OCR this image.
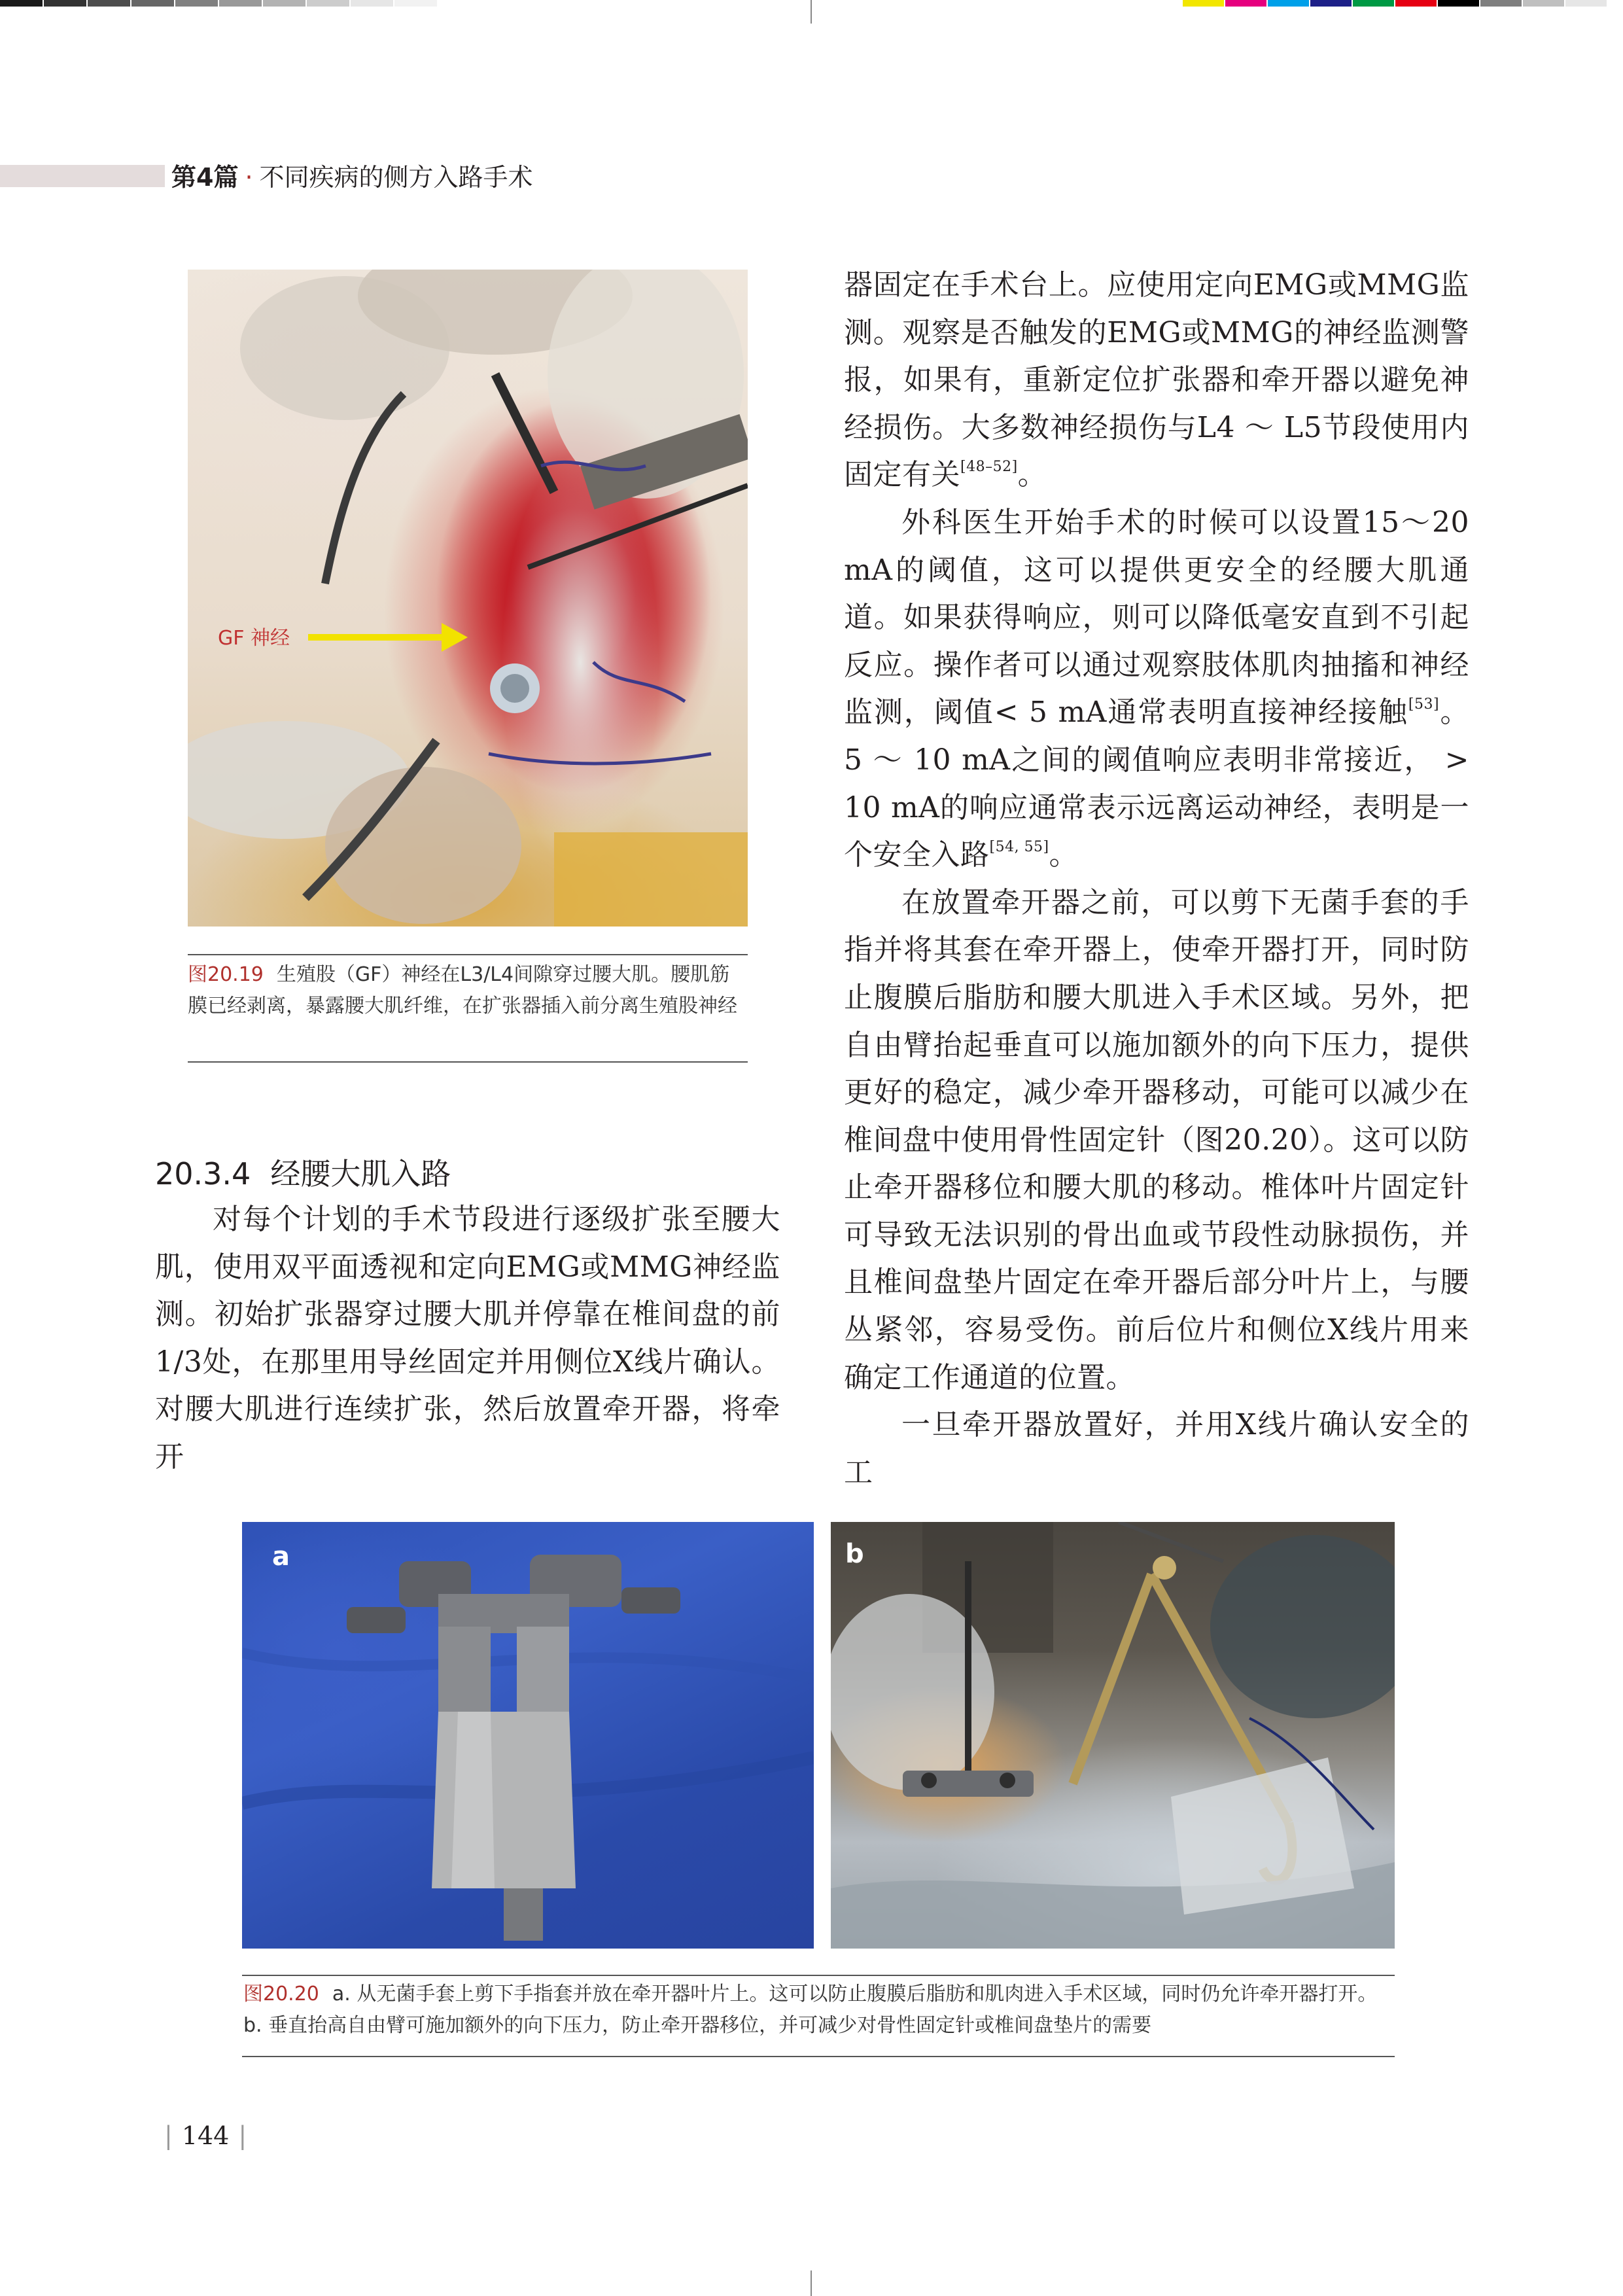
第4篇 · 不同疾病的侧方入路手术
GF 神经
图20.19 生殖股（GF）神经在L3/L4间隙穿过腰大肌。腰肌筋膜已经剥离，暴露腰大肌纤维，在扩张器插入前分离生殖股神经

器固定在手术台上。应使用定向EMG或MMG监测。观察是否触发的EMG或MMG的神经监测警报，如果有，重新定位扩张器和牵开器以避免神经损伤。大多数神经损伤与L4 ～ L5节段使用内固定有关[48–52]。

外科医生开始手术的时候可以设置15～20 mA的阈值，这可以提供更安全的经腰大肌通道。如果获得响应，则可以降低毫安直到不引起反应。操作者可以通过观察肢体肌肉抽搐和神经监测，阈值< 5 mA通常表明直接神经接触[53]。 5 ～ 10 mA之间的阈值响应表明非常接近， > 10 mA的响应通常表示远离运动神经，表明是一个安全入路[54, 55]。

在放置牵开器之前，可以剪下无菌手套的手指并将其套在牵开器上，使牵开器打开，同时防止腹膜后脂肪和腰大肌进入手术区域。另外，把自由臂抬起垂直可以施加额外的向下压力，提供更好的稳定，减少牵开器移动，可能可以减少在椎间盘中使用骨性固定针（图20.20）。这可以防止牵开器移位和腰大肌的移动。椎体叶片固定针可导致无法识别的骨出血或节段性动脉损伤，并且椎间盘垫片固定在牵开器后部分叶片上，与腰丛紧邻，容易受伤。前后位片和侧位X线片用来确定工作通道的位置。

一旦牵开器放置好，并用X线片确认安全的工

20.3.4 经腰大肌入路

对每个计划的手术节段进行逐级扩张至腰大肌，使用双平面透视和定向EMG或MMG神经监测。初始扩张器穿过腰大肌并停靠在椎间盘的前1/3处，在那里用导丝固定并用侧位X线片确认。对腰大肌进行连续扩张，然后放置牵开器，将牵开

a	b
图20.20 a. 从无菌手套上剪下手指套并放在牵开器叶片上。这可以防止腹膜后脂肪和肌肉进入手术区域，同时仍允许牵开器打开。b. 垂直抬高自由臂可施加额外的向下压力，防止牵开器移位，并可减少对骨性固定针或椎间盘垫片的需要
| 144 |
